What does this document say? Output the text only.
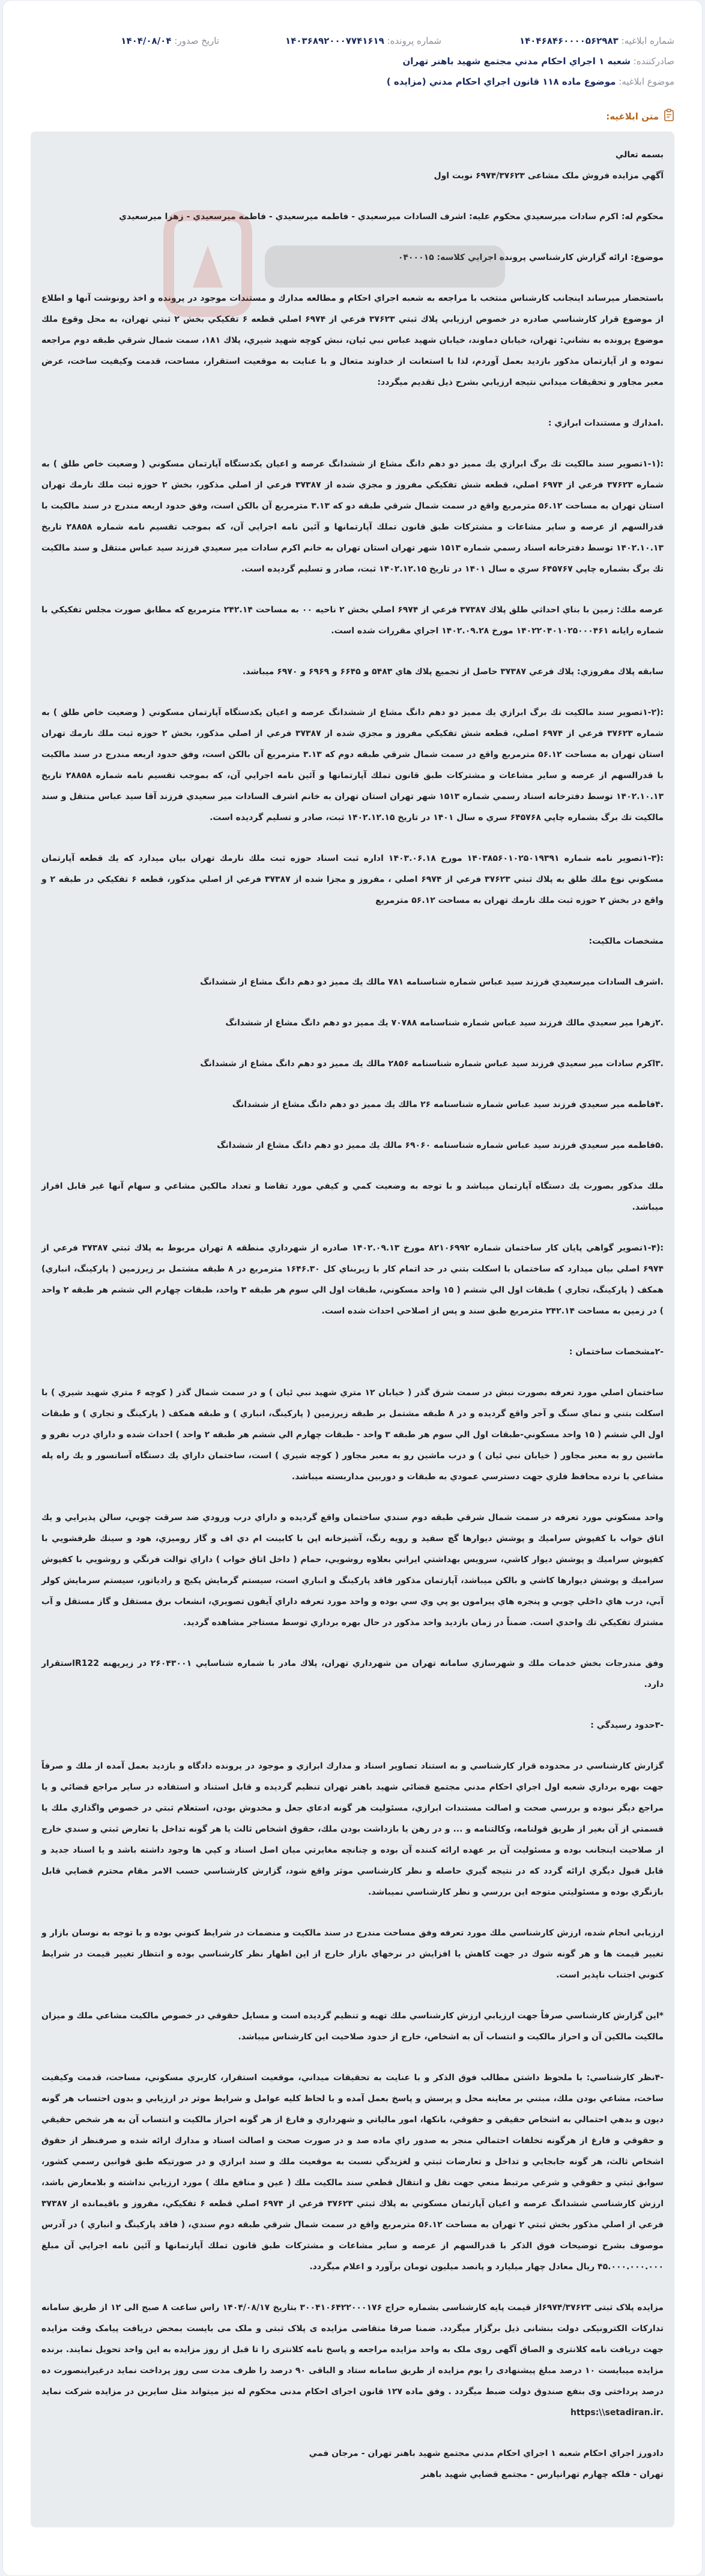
شماره ابلاغیه: ۱۴۰۴۶۸۴۶۰۰۰۰۵۶۲۹۸۳
شماره پرونده: ۱۴۰۳۶۸۹۲۰۰۰۷۷۴۱۶۱۹
تاریخ صدور: ۱۴۰۴/۰۸/۰۴
صادرکننده: شعبه ۱ اجراي احكام مدني مجتمع شهيد باهنر تهران
موضوع ابلاغیه: موضوع ماده ۱۱۸ قانون اجراي احكام مدني (مزايده )
متن ابلاغیه:

بسمه تعالي

آگهي مزايده فروش ملک مشاعی ۶۹۷۴/۳۷۶۲۳ نوبت اول

محكوم له: اكرم سادات ميرسعيدي محكوم عليه: اشرف السادات ميرسعيدي - فاطمه ميرسعيدي - فاطمه ميرسعيدي - زهرا ميرسعيدي

موضوع: ارائه گزارش كارشناسي پرونده اجرايي كلاسه: ۰۴۰۰۰۱۵

باستحضار ميرساند اينجانب كارشناس منتخب با مراجعه به شعبه اجراي احكام و مطالعه مدارك و مستندات موجود در پرونده و اخذ رونوشت آنها و اطلاع از موضوع قرار كارشناسي صادره در خصوص ارزيابي پلاك ثبتي ۳۷۶۲۳ فرعي از ۶۹۷۴ اصلي قطعه ۶ تفكيكي بخش ۲ ثبتي تهران، به محل وقوع ملك موضوع پرونده به نشاني: تهران، خيابان دماوند، خيابان شهيد عباس نبي ئيان، نبش كوچه شهيد شيري، پلاك ۱۸۱، سمت شمال شرقي طبقه دوم مراجعه نموده و از آپارتمان مذكور بازديد بعمل آوردم، لذا با استعانت از خداوند متعال و با عنايت به موقعيت استقرار، مساحت، قدمت وكيفيت ساخت، عرض معبر مجاور و تحقيقات ميداني نتيجه ارزيابي بشرح ذيل تقديم ميگردد:

.امدارك و مستندات ابرازي :

:(۱-۱تصوير سند مالكيت تك برگ ابرازي يك مميز دو دهم دانگ مشاع از ششدانگ عرصه و اعيان يكدستگاه آپارتمان مسكوني ( وضعيت خاص طلق ) به شماره ۳۷۶۲۳ فرعي از ۶۹۷۴ اصلي، قطعه شش تفكيكي مفروز و مجزي شده از ۳۷۳۸۷ فرعي از اصلي مذكور، بخش ۲ حوزه ثبت ملك نارمك تهران استان تهران به مساحت ۵۶.۱۲ مترمربع واقع در سمت شمال شرقي طبقه دو كه ۳.۱۳ مترمربع آن بالكن است، وفق حدود اربعه مندرج در سند مالكيت با قدرالسهم از عرصه و ساير مشاعات و مشتركات طبق قانون تملك آپارتمانها و آئين نامه اجرايي آن، كه بموجب تقسيم نامه شماره ۲۸۸۵۸ تاريخ ۱۴۰۲.۱۰.۱۳ توسط دفترخانه اسناد رسمي شماره ۱۵۱۳ شهر تهران استان تهران به خانم اكرم سادات مير سعيدي فرزند سيد عباس منتقل و سند مالكيت تك برگ بشماره چاپي ۶۴۵۷۶۷ سري ه سال ۱۴۰۱ در تاريخ ۱۴۰۲.۱۲.۱۵ ثبت، صادر و تسليم گرديده است.

عرصه ملك: زمين با بناي احداثي طلق پلاك ۳۷۳۸۷ فرعي از ۶۹۷۴ اصلي بخش ۲ ناحيه ۰۰ به مساحت ۲۴۲.۱۴ مترمربع كه مطابق صورت مجلس تفكيكي با شماره رايانه ۱۴۰۲۲۰۴۰۱۰۲۵۰۰۰۴۶۱ مورخ ۱۴۰۲.۰۹.۲۸ اجراي مقررات شده است.

سابقه پلاك مفروزي: پلاك فرعي ۳۷۳۸۷ حاصل از تجميع پلاك هاي ۵۴۸۳ و ۶۶۴۵ و ۶۹۶۹ و ۶۹۷۰ ميباشد.

:(۱-۲تصوير سند مالكيت تك برگ ابرازي يك مميز دو دهم دانگ مشاع از ششدانگ عرصه و اعيان يكدستگاه آپارتمان مسكوني ( وضعيت خاص طلق ) به شماره ۳۷۶۲۳ فرعي از ۶۹۷۴ اصلي، قطعه شش تفكيكي مفروز و مجزي شده از ۳۷۳۸۷ فرعي از اصلي مذكور، بخش ۲ حوزه ثبت ملك نارمك تهران استان تهران به مساحت ۵۶.۱۲ مترمربع واقع در سمت شمال شرقي طبقه دوم كه ۳.۱۳ مترمربع آن بالكن است، وفق حدود اربعه مندرج در سند مالكيت با قدرالسهم از عرصه و ساير مشاعات و مشتركات طبق قانون تملك آپارتمانها و آئين نامه اجرايي آن، كه بموجب تقسيم نامه شماره ۲۸۸۵۸ تاريخ ۱۴۰۲.۱۰.۱۳ توسط دفترخانه اسناد رسمي شماره ۱۵۱۳ شهر تهران استان تهران به خانم اشرف السادات مير سعيدي فرزند آقا سيد عباس منتقل و سند مالكيت تك برگ بشماره چاپي ۶۴۵۷۶۸ سري ه سال ۱۴۰۱ در تاريخ ۱۴۰۲.۱۲.۱۵ ثبت، صادر و تسليم گرديده است.

:(۱-۳تصوير نامه شماره ۱۴۰۳۸۵۶۰۱۰۲۵۰۱۹۳۹۱ مورخ ۱۴۰۳.۰۶.۱۸ اداره ثبت اسناد حوزه ثبت ملك نارمك تهران بيان ميدارد كه يك قطعه آپارتمان مسكوني نوع ملك طلق به پلاك ثبتي ۳۷۶۲۳ فرعي از ۶۹۷۴ اصلي ، مفروز و مجزا شده از ۳۷۳۸۷ فرعي از اصلي مذكور، قطعه ۶ تفكيكي در طبقه ۲ و واقع در بخش ۲ حوزه ثبت ملك نارمك تهران به مساحت ۵۶.۱۲ مترمربع

مشخصات مالكيت:

.اشرف السادات ميرسعيدي فرزند سيد عباس شماره شناسنامه ۷۸۱ مالك يك مميز دو دهم دانگ مشاع از ششدانگ

.۲زهرا مير سعيدي مالك فرزند سيد عباس شماره شناسنامه ۷۰۷۸۸ يك مميز دو دهم دانگ مشاع از ششدانگ

.۳اكرم سادات مير سعيدي فرزند سيد عباس شماره شناسنامه ۲۸۵۶ مالك يك مميز دو دهم دانگ مشاع از ششدانگ

.۴فاطمه مير سعيدي فرزند سيد عباس شماره شناسنامه ۲۶ مالك يك مميز دو دهم دانگ مشاع از ششدانگ

.۵فاطمه مير سعيدي فرزند سيد عباس شماره شناسنامه ۶۹۰۶۰ مالك يك مميز دو دهم دانگ مشاع از ششدانگ

ملك مذكور بصورت يك دستگاه آپارتمان ميباشد و با توجه به وضعيت كمي و كيفي مورد تقاضا و تعداد مالكين مشاعي و سهام آنها غير قابل افراز ميباشد.

:(۱-۴تصوير گواهي پايان كار ساختمان شماره ۸۲۱۰۶۹۹۲ مورخ ۱۴۰۲.۰۹.۱۳ صادره از شهرداري منطقه ۸ تهران مربوط به پلاك ثبتي ۳۷۳۸۷ فرعي از ۶۹۷۴ اصلي بيان ميدارد كه ساختمان با اسكلت بتني در حد اتمام كار با زيربناي كل ۱۶۴۶.۳۰ مترمربع در ۸ طبقه مشتمل بر زيرزمين ( پاركينگ، انباري) همكف ( پاركينگ، تجاري ) طبقات اول الي ششم ( ۱۵ واحد مسكوني، طبقات اول الي سوم هر طبقه ۳ واحد، طبقات چهارم الي ششم هر طبقه ۲ واحد ) در زمين به مساحت ۲۴۲.۱۴ مترمربع طبق سند و پس از اصلاحي احداث شده است.

-۲مشخصات ساختمان :

ساختمان اصلي مورد تعرفه بصورت نبش در سمت شرق گذر ( خيابان ۱۲ متري شهيد نبي ئيان ) و در سمت شمال گذر ( كوچه ۶ متري شهيد شيري ) با اسكلت بتني و نماي سنگ و آجر واقع گرديده و در ۸ طبقه مشتمل بر طبقه زيرزمين ( پاركينگ، انباري ) و طبقه همكف ( پاركينگ و تجاري ) و طبقات اول الي ششم ( ۱۵ واحد مسكوني-طبقات اول الي سوم هر طبقه ۳ واحد - طبقات چهارم الي ششم هر طبقه ۲ واحد ) احداث شده و داراي درب نفرو و ماشين رو به معبر مجاور ( خيابان نبي ئيان ) و درب ماشين رو به معبر مجاور ( كوچه شيري ) است، ساختمان داراي يك دستگاه آسانسور و يك راه پله مشاعي با نرده محافظ فلزي جهت دسترسي عمودي به طبقات و دوربين مداربسته ميباشد.

واحد مسكوني مورد تعرفه در سمت شمال شرقي طبقه دوم سندي ساختمان واقع گرديده و داراي درب ورودي ضد سرقت چوبي، سالن پذيرايي و يك اتاق خواب با كفپوش سراميك و پوشش ديوارها گچ سفيد و رويه رنگ، آشپزخانه اپن با كابينت ام دي اف و گاز روميزي، هود و سينك ظرفشويي با كفپوش سراميك و پوشش ديوار كاشي، سرويس بهداشتي ايراني بعلاوه روشويي، حمام ( داخل اتاق خواب ) داراي توالت فرنگي و روشويي با كفپوش سراميك و پوشش ديوارها كاشي و بالكن ميباشد، آپارتمان مذكور فاقد پاركينگ و انباري است، سيستم گرمايش پكيج و رادياتور، سيستم سرمايش كولر آبي، درب هاي داخلي چوبي و پنجره هاي پيرامون يو پي وي سي بوده و واحد مورد تعرفه داراي آيفون تصويري، انشعاب برق مستقل و گاز مستقل و آب مشترك تفكيكي تك واحدي است. ضمناً در زمان بازديد واحد مذكور در حال بهره برداري توسط مستاجر مشاهده گرديد.

وفق مندرجات بخش خدمات ملك و شهرسازي سامانه تهران من شهرداري تهران، پلاك مادر با شماره شناسايي ۲۶۰۴۳۰۰۱ در زيرپهنه R122استقرار دارد.

-۳حدود رسيدگي :

گزارش كارشناسي در محدوده قرار كارشناسي و به استناد تصاوير اسناد و مدارك ابرازي و موجود در پرونده دادگاه و بازديد بعمل آمده از ملك و صرفاً جهت بهره برداري شعبه اول اجراي احكام مدني مجتمع قضائي شهيد باهنر تهران تنظيم گرديده و قابل استناد و استفاده در ساير مراجع قضائي و يا مراجع ديگر نبوده و بررسي صحت و اصالت مستندات ابرازي، مسئوليت هر گونه ادعاي جعل و مخدوش بودن، استعلام ثبتي در خصوص واگذاري ملك يا قسمتي از آن بغير از طريق قولنامه، وكالتنامه و ... و در رهن يا بازداشت بودن ملك، حقوق اشخاص ثالث يا هر گونه تداخل يا تعارض ثبتي و سندي خارج از صلاحيت اينجانب بوده و مسئوليت آن بر عهده ارائه كننده آن بوده و چنانچه مغايرتي ميان اصل اسناد و كپي ها وجود داشته باشد و يا اسناد جديد و قابل قبول ديگري ارائه گردد كه در نتيجه گيري حاصله و نظر كارشناسي موثر واقع شود، گزارش كارشناسي حسب الامر مقام محترم قضايي قابل بازنگري بوده و مسئوليتي متوجه اين بررسي و نظر كارشناسي نميباشد.

ارزيابي انجام شده، ارزش كارشناسي ملك مورد تعرفه وفق مساحت مندرج در سند مالكيت و منضمات در شرايط كنوني بوده و با توجه به نوسان بازار و تغيير قيمت ها و هر گونه شوك در جهت كاهش يا افزايش در نرخهاي بازار خارج از اين اظهار نظر كارشناسي بوده و انتظار تغيير قيمت در شرايط كنوني اجتناب ناپذير است.

*اين گزارش كارشناسي صرفاً جهت ارزيابي ارزش كارشناسي ملك تهيه و تنظيم گرديده است و مسايل حقوقي در خصوص مالكيت مشاعي ملك و ميزان مالكيت مالكين آن و احراز مالكيت و انتساب آن به اشخاص، خارج از حدود صلاحيت اين كارشناس ميباشد.

-۴نظر كارشناسي: با ملحوظ داشتن مطالب فوق الذكر و با عنايت به تحقيقات ميداني، موقعيت استقرار، كاربري مسكوني، مساحت، قدمت وكيفيت ساخت، مشاعي بودن ملك، مبتني بر معاينه محل و پرسش و پاسخ بعمل آمده و با لحاظ كليه عوامل و شرايط موثر در ارزيابي و بدون احتساب هر گونه ديون و بدهي احتمالي به اشخاص حقيقي و حقوقي، بانكها، امور مالياتي و شهرداري و فارغ از هر گونه احراز مالكيت و انتساب آن به هر شخص حقيقي و حقوقي و فارغ از هرگونه تخلفات احتمالي منجر به صدور راي ماده صد و در صورت صحت و اصالت اسناد و مدارك ارائه شده و صرفنظر از حقوق اشخاص ثالث، هر گونه جابجايي و تداخل و تعارضات ثبتي و لغزيدگي نسبت به موقعيت ملك و سند ابرازي و در صورتيكه طبق قوانين رسمي كشور، سوابق ثبتي و حقوقي و شرعي مرتبط منعي جهت نقل و انتقال قطعي سند مالكيت ملك ( عين و منافع ملك ) مورد ارزيابي نداشته و بلامعارض باشد، ارزش كارشناسي ششدانگ عرصه و اعيان آپارتمان مسكوني به پلاك ثبتي ۳۷۶۲۳ فرعي از ۶۹۷۴ اصلي قطعه ۶ تفكيكي، مفروز و باقيمانده از ۳۷۳۸۷ فرعي از اصلي مذكور بخش ثبتي ۲ تهران به مساحت ۵۶.۱۲ مترمربع واقع در سمت شمال شرقي طبقه دوم سندي، ( فاقد پاركينگ و انباري ) در آدرس موصوف بشرح توضيحات فوق الذكر با قدرالسهم از عرصه و ساير مشاعات و مشتركات طبق قانون تملك آپارتمانها و آئين نامه اجرايي آن مبلغ ۴۵.۰۰۰.۰۰۰.۰۰۰ ريال معادل چهار ميليارد و پانصد ميليون تومان برآورد و اعلام ميگردد.

مزایده پلاک ثبتی ۶۹۷۴/۳۷۶۲۳از قيمت پايه كارشناسی بشماره حراج ۳۰۰۴۱۰۶۴۲۲۰۰۰۱۷۶ بتاريخ ۱۴۰۴/۰۸/۱۷ راس ساعت ۸ صبح الی ۱۲ از طريق سامانه تداركات الكترونيكی دولت بنشانی ذيل برگزار ميگردد. ضمنا صرفا متقاضی مزايده ی پلاک ثبتی و ملک می بايست بمحض دريافت پيامک وقت مزايده جهت دريافت نامه كلانتری و الصاق آگهی روی ملک به واحد مزايده مراجعه و پاسخ نامه كلانتری را تا قبل از روز مزايده به اين واحد تحويل نمايند. برنده مزايده ميبايست ۱۰ درصد مبلغ پيشنهادی را يوم مزايده از طريق سامانه ستاد و الباقی ۹۰ درصد را ظرف مدت سی روز پرداخت نمايد درغيراينصورت ده درصد پرداختی وی بنفع صندوق دولت ضبط ميگردد . وفق ماده ۱۲۷ قانون اجرای احكام مدنی محكوم له نيز ميتواند مثل سايرين در مزايده شركت نمايد .https:\\setadiran.ir

دادورز اجراي احكام شعبه ۱ اجراي احكام مدني مجتمع شهيد باهنر تهران - مرجان فمي

تهران - فلكه چهارم تهرانپارس - مجتمع قضايي شهيد باهنر
